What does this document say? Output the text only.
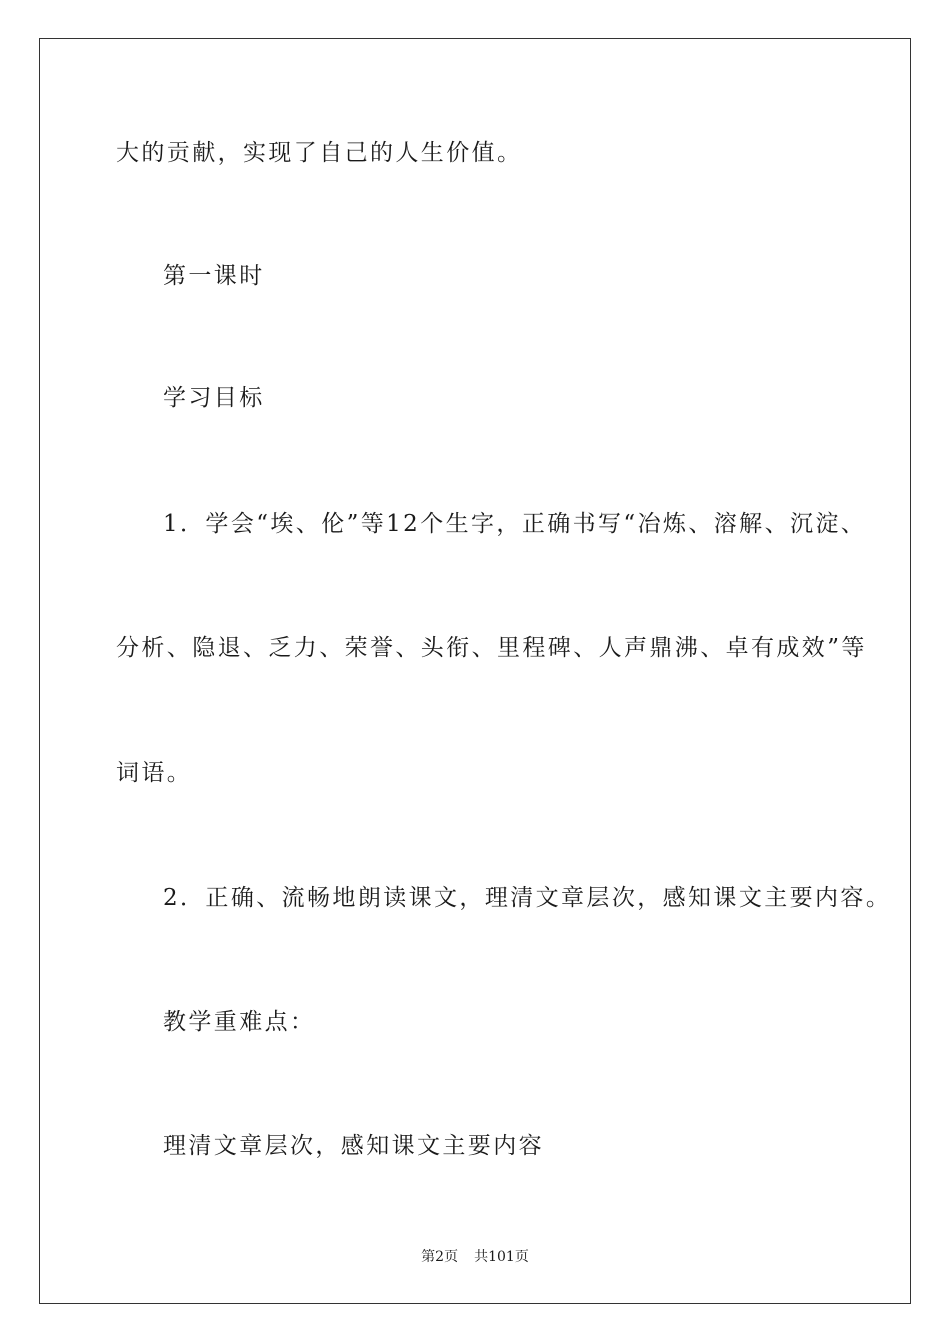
大的贡献，实现了自己的人生价值。
第一课时
学习目标
1．学会“埃、伦”等12个生字，正确书写“冶炼、溶解、沉淀、
分析、隐退、乏力、荣誉、头衔、里程碑、人声鼎沸、卓有成效”等
词语。
2．正确、流畅地朗读课文，理清文章层次，感知课文主要内容。
教学重难点：
理清文章层次，感知课文主要内容
第2页 共101页
